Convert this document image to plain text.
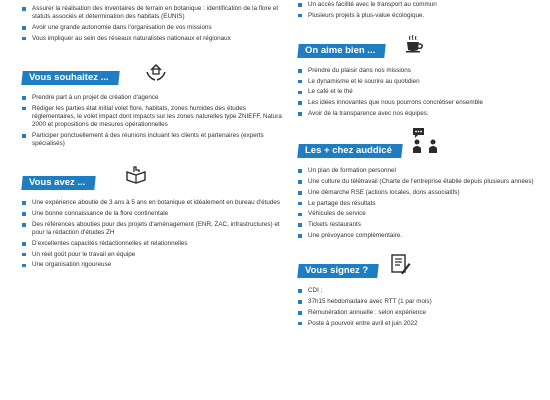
Assurer la réalisation des inventaires de terrain en botanique : identification de la flore et statuts associés et détermination des habitats (EUNIS)
Avoir une grande autonomie dans l'organisation de vos missions
Vous impliquer au sein des réseaux naturalistes nationaux et régionaux
Vous souhaitez ...
Prendre part à un projet de création d'agence
Rédiger les parties état initial volet flore, habitats, zones humides des études réglementaires, le volet impact dont impacts sur les zones naturelles type ZNIEFF, Natura 2000 et propositions de mesures opérationnelles
Participer ponctuellement à des réunions incluant les clients et partenaires (experts spécialisés)
Vous avez ...
Une expérience aboutie de 3 ans à 5 ans en botanique et idéalement en bureau d'études
Une bonne connaissance de la flore continentale
Des références abouties pour des projets d'aménagement (ENR, ZAC, infrastructures) et pour la rédaction d'études ZH
D'excellentes capacités rédactionnelles et relationnelles
Un réel goût pour le travail en équipe
Une organisation rigoureuse
Un accès facilité avec le transport au commun
Plusieurs projets à plus-value écologique.
On aime bien ...
Prendre du plaisir dans nos missions
Le dynamisme et le sourire au quotidien
Le café et le thé
Les idées innovantes que nous pourrons concrétiser ensemble
Avoir de la transparence avec nos équipes.
Les + chez auddicé
Un plan de formation personnel
Une culture du télétravail (Charte de l'entreprise établie depuis plusieurs années)
Une démarche RSE (actions locales, dons associatifs)
Le partage des résultats
Véhicules de service
Tickets restaurants
Une prévoyance complémentaire.
Vous signez ?
CDI ;
37h15 hebdomadaire avec RTT (1 par mois)
Rémunération annuelle : selon expérience
Poste à pourvoir entre avril et juin 2022
